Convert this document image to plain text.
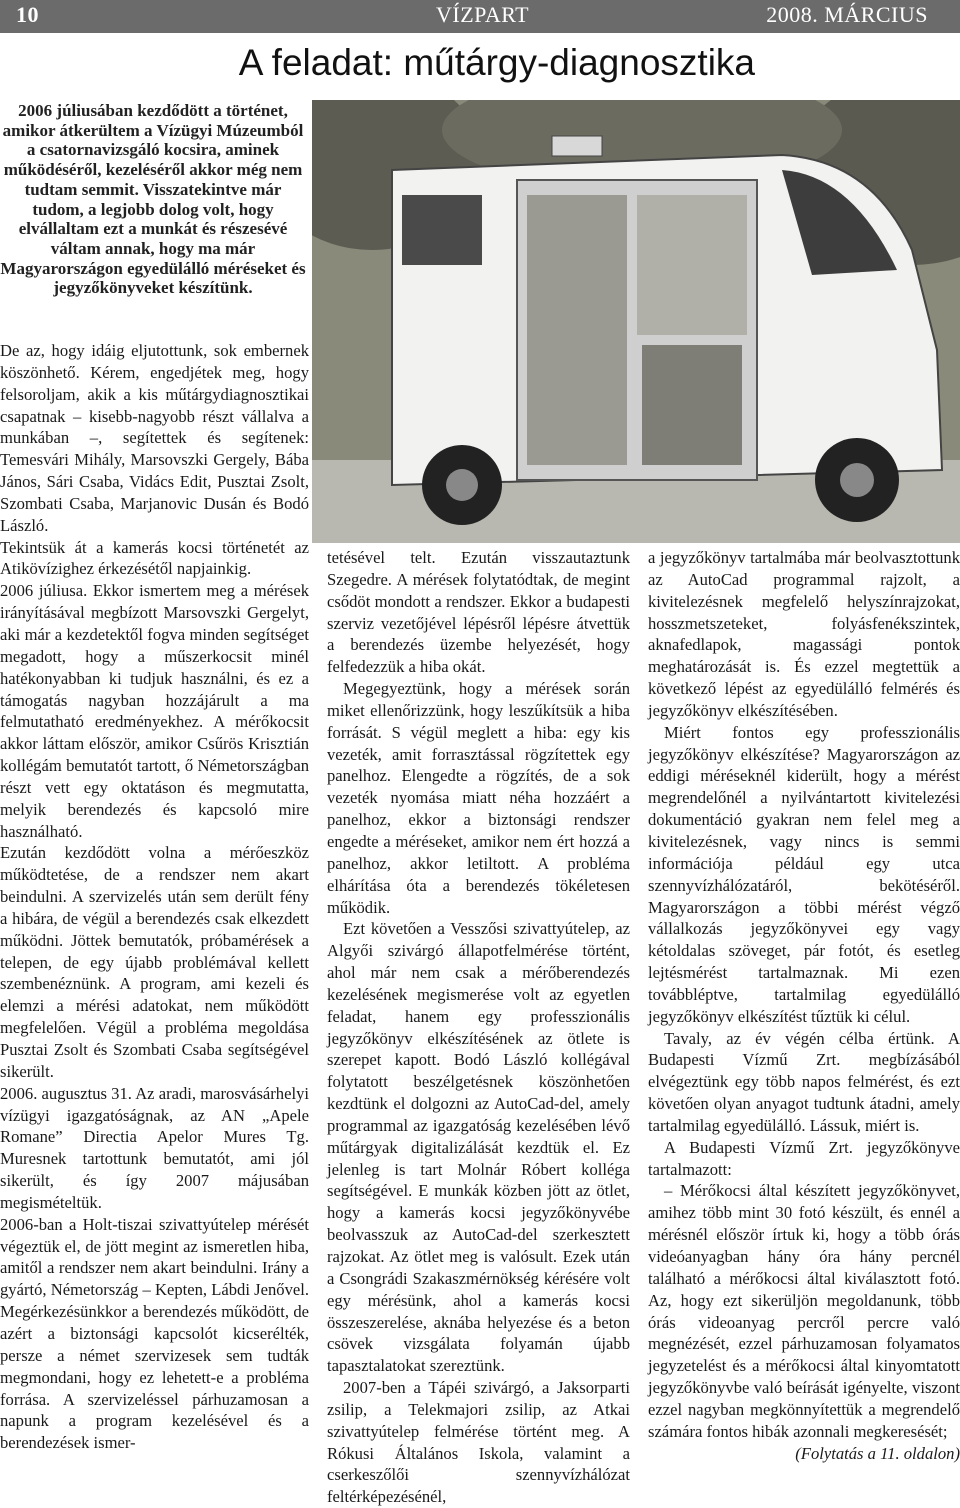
10	VÍZPART	2008. MÁRCIUS
A feladat: műtárgy-diagnosztika
2006 júliusában kezdődött a történet, amikor átkerültem a Vízügyi Múzeumból a csatornavizsgáló kocsira, aminek működéséről, kezeléséről akkor még nem tudtam semmit. Visszatekintve már tudom, a legjobb dolog volt, hogy elvállaltam ezt a munkát és részesévé váltam annak, hogy ma már Magyarországon egyedülálló méréseket és jegyzőkönyveket készítünk.

De az, hogy idáig eljutottunk, sok embernek köszönhető. Kérem, engedjétek meg, hogy felsoroljam, akik a kis műtárgydiagnosztikai csapatnak – kisebb-nagyobb részt vállalva a munkában –, segítettek és segítenek: Temesvári Mihály, Marsovszki Gergely, Bába János, Sári Csaba, Vidács Edit, Pusztai Zsolt, Szombati Csaba, Marjanovic Dusán és Bodó László.

Tekintsük át a kamerás kocsi történetét az Atikövízighez érkezésétől napjainkig.

2006 júliusa. Ekkor ismertem meg a mérések irányításával megbízott Marsovszki Gergelyt, aki már a kezdetektől fogva minden segítséget megadott, hogy a műszerkocsit minél hatékonyabban ki tudjuk használni, és ez a támogatás nagyban hozzájárult a ma felmutatható eredményekhez. A mérőkocsit akkor láttam először, amikor Csűrös Krisztián kollégám bemutatót tartott, ő Németországban részt vett egy oktatáson és megmutatta, melyik berendezés és kapcsoló mire használható.

Ezután kezdődött volna a mérőeszköz működtetése, de a rendszer nem akart beindulni. A szervizelés után sem derült fény a hibára, de végül a berendezés csak elkezdett működni. Jöttek bemutatók, próbamérések a telepen, de egy újabb problémával kellett szembenéznünk. A program, ami kezeli és elemzi a mérési adatokat, nem működött megfelelően. Végül a probléma megoldása Pusztai Zsolt és Szombati Csaba segítségével sikerült.

2006. augusztus 31. Az aradi, marosvásárhelyi vízügyi igazgatóságnak, az AN „Apele Romane” Directia Apelor Mures Tg. Muresnek tartottunk bemutatót, ami jól sikerült, és így 2007 májusában megismételtük.

2006-ban a Holt-tiszai szivattyútelep mérését végeztük el, de jött megint az ismeretlen hiba, amitől a rendszer nem akart beindulni. Irány a gyártó, Németország – Kepten, Lábdi Jenővel. Megérkezésünkkor a berendezés működött, de azért a biztonsági kapcsolót kicserélték, persze a német szervizesek sem tudták megmondani, hogy ez lehetett-e a probléma forrása. A szervizeléssel párhuzamosan a napunk a program kezelésével és a berendezések ismer-

tetésével telt. Ezután visszautaztunk Szegedre. A mérések folytatódtak, de megint csődöt mondott a rendszer. Ekkor a budapesti szerviz vezetőjével lépésről lépésre átvettük a berendezés üzembe helyezését, hogy felfedezzük a hiba okát.

Megegyeztünk, hogy a mérések során miket ellenőrizzünk, hogy leszűkítsük a hiba forrását. S végül meglett a hiba: egy kis vezeték, amit forrasztással rögzítettek egy panelhoz. Elengedte a rögzítés, de a sok vezeték nyomása miatt néha hozzáért a panelhoz, ekkor a biztonsági rendszer engedte a méréseket, amikor nem ért hozzá a panelhoz, akkor letiltott. A probléma elhárítása óta a berendezés tökéletesen működik.

Ezt követően a Vesszősi szivattyútelep, az Algyői szivárgó állapotfelmérése történt, ahol már nem csak a mérőberendezés kezelésének megismerése volt az egyetlen feladat, hanem egy professzionális jegyzőkönyv elkészítésének az ötlete is szerepet kapott. Bodó László kollégával folytatott beszélgetésnek köszönhetően kezdtünk el dolgozni az AutoCad-del, amely programmal az igazgatóság kezelésében lévő műtárgyak digitalizálását kezdtük el. Ez jelenleg is tart Molnár Róbert kolléga segítségével. E munkák közben jött az ötlet, hogy a kamerás kocsi jegyzőkönyvébe beolvasszuk az AutoCad-del szerkesztett rajzokat. Az ötlet meg is valósult. Ezek után a Csongrádi Szakaszmérnökség kérésére volt egy mérésünk, ahol a kamerás kocsi összeszerelése, aknába helyezése és a beton csövek vizsgálata folyamán újabb tapasztalatokat szereztünk.

2007-ben a Tápéi szivárgó, a Jaksorparti zsilip, a Telekmajori zsilip, az Atkai szivattyútelep felmérése történt meg. A Rókusi Általános Iskola, valamint a cserkeszőlői szennyvízhálózat feltérképezésénél,

a jegyzőkönyv tartalmába már beolvasztottunk az AutoCad programmal rajzolt, a kivitelezésnek megfelelő helyszínrajzokat, hosszmetszeteket, folyásfenékszintek, aknafedlapok, magassági pontok meghatározását is. És ezzel megtettük a következő lépést az egyedülálló felmérés és jegyzőkönyv elkészítésében.

Miért fontos egy professzionális jegyzőkönyv elkészítése? Magyarországon az eddigi méréseknél kiderült, hogy a mérést megrendelőnél a nyilvántartott kivitelezési dokumentáció gyakran nem felel meg a kivitelezésnek, vagy nincs is semmi információja például egy utca szennyvízhálózatáról, bekötéséről. Magyarországon a többi mérést végző vállalkozás jegyzőkönyvei egy vagy kétoldalas szöveget, pár fotót, és esetleg lejtésmérést tartalmaznak. Mi ezen továbbléptve, tartalmilag egyedülálló jegyzőkönyv elkészítést tűztük ki célul.

Tavaly, az év végén célba értünk. A Budapesti Vízmű Zrt. megbízásából elvégeztünk egy több napos felmérést, és ezt követően olyan anyagot tudtunk átadni, amely tartalmilag egyedülálló. Lássuk, miért is.

A Budapesti Vízmű Zrt. jegyzőkönyve tartalmazott:

– Mérőkocsi által készített jegyzőkönyvet, amihez több mint 30 fotó készült, és ennél a mérésnél először írtuk ki, hogy a több órás videóanyagban hány óra hány percnél található a mérőkocsi által kiválasztott fotó. Az, hogy ezt sikerüljön megoldanunk, több órás videoanyag percről percre való megnézését, ezzel párhuzamosan folyamatos jegyzetelést és a mérőkocsi által kinyomtatott jegyzőkönyvbe való beírását igényelte, viszont ezzel nagyban megkönnyítettük a megrendelő számára fontos hibák azonnali megkeresését;

(Folytatás a 11. oldalon)
